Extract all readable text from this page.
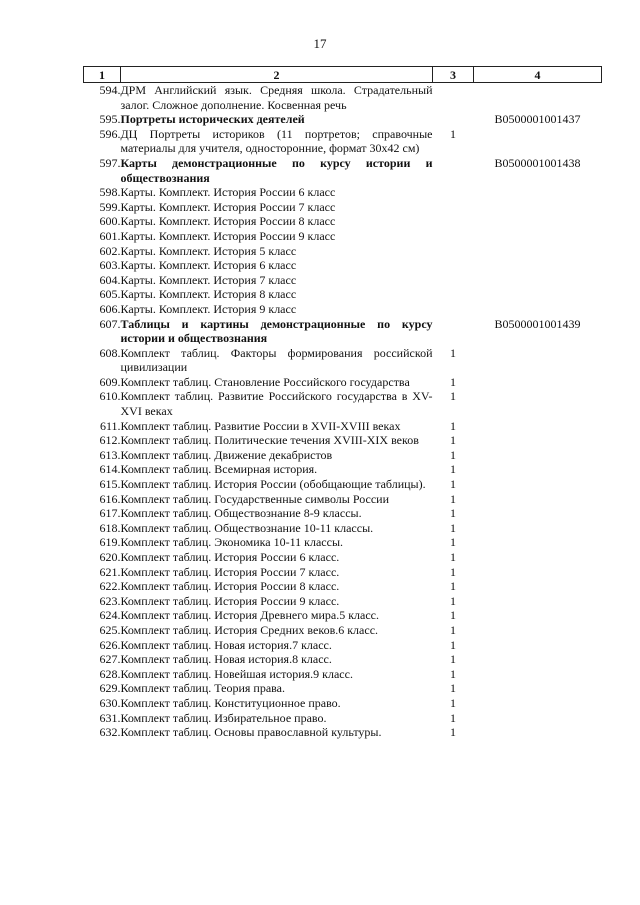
17
1	2	3	4
594.	ДРМ Английский язык. Средняя школа. Страдательный залог. Сложное дополнение. Косвенная речь		
595.	Портреты исторических деятелей		В0500001001437
596.	ДЦ Портреты историков (11 портретов; справочные материалы для учителя, односторонние, формат 30х42 см)	1	
597.	Карты демонстрационные по курсу истории и обществознания		В0500001001438
598.	Карты. Комплект. История России 6 класс		
599.	Карты. Комплект. История России 7 класс		
600.	Карты. Комплект. История России 8 класс		
601.	Карты. Комплект. История России 9 класс		
602.	Карты. Комплект. История 5 класс		
603.	Карты. Комплект. История 6 класс		
604.	Карты. Комплект. История 7 класс		
605.	Карты. Комплект. История 8 класс		
606.	Карты. Комплект. История 9 класс		
607.	Таблицы и картины демонстрационные по курсу истории и обществознания		В0500001001439
608.	Комплект таблиц. Факторы формирования российской цивилизации	1	
609.	Комплект таблиц. Становление Российского государства	1	
610.	Комплект таблиц. Развитие Российского государства в XV-XVI веках	1	
611.	Комплект таблиц. Развитие России в XVII-XVIII веках	1	
612.	Комплект таблиц. Политические течения XVIII-XIX веков	1	
613.	Комплект таблиц. Движение декабристов	1	
614.	Комплект таблиц. Всемирная история.	1	
615.	Комплект таблиц. История России (обобщающие таблицы).	1	
616.	Комплект таблиц. Государственные символы России	1	
617.	Комплект таблиц. Обществознание 8-9 классы.	1	
618.	Комплект таблиц. Обществознание 10-11 классы.	1	
619.	Комплект таблиц. Экономика 10-11 классы.	1	
620.	Комплект таблиц. История России 6 класс.	1	
621.	Комплект таблиц. История России 7 класс.	1	
622.	Комплект таблиц. История России 8 класс.	1	
623.	Комплект таблиц. История России 9 класс.	1	
624.	Комплект таблиц. История Древнего мира.5 класс.	1	
625.	Комплект таблиц. История Средних веков.6 класс.	1	
626.	Комплект таблиц. Новая история.7 класс.	1	
627.	Комплект таблиц. Новая история.8 класс.	1	
628.	Комплект таблиц. Новейшая история.9 класс.	1	
629.	Комплект таблиц. Теория права.	1	
630.	Комплект таблиц. Конституционное право.	1	
631.	Комплект таблиц. Избирательное право.	1	
632.	Комплект таблиц. Основы православной культуры.	1	
